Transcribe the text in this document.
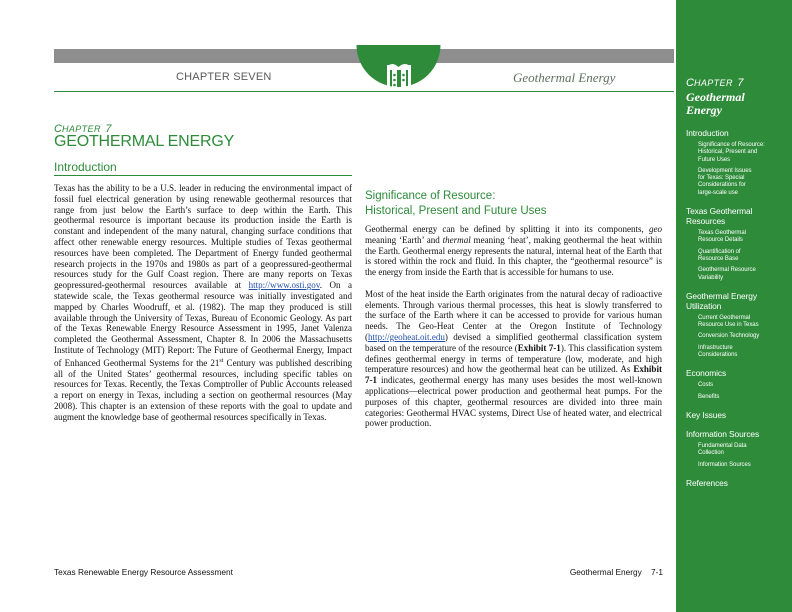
CHAPTER SEVEN	Geothermal Energy
CHAPTER 7
GEOTHERMAL ENERGY
Introduction

Texas has the ability to be a U.S. leader in reducing the environmental impact of fossil fuel electrical generation by using renewable geothermal resources that range from just below the Earth’s surface to deep within the Earth. This geothermal resource is important because its production inside the Earth is constant and independent of the many natural, changing surface conditions that affect other renewable energy resources. Multiple studies of Texas geothermal resources have been completed. The Department of Energy funded geothermal research projects in the 1970s and 1980s as part of a geopressured-geothermal resources study for the Gulf Coast region. There are many reports on Texas geopressured-geothermal resources available at http://www.osti.gov. On a statewide scale, the Texas geothermal resource was initially investigated and mapped by Charles Woodruff, et al. (1982). The map they produced is still available through the University of Texas, Bureau of Economic Geology. As part of the Texas Renewable Energy Resource Assessment in 1995, Janet Valenza completed the Geothermal Assessment, Chapter 8. In 2006 the Massachusetts Institute of Technology (MIT) Report: The Future of Geothermal Energy, Impact of Enhanced Geothermal Systems for the 21st Century was published describing all of the United States’ geothermal resources, including specific tables on resources for Texas. Recently, the Texas Comptroller of Public Accounts released a report on energy in Texas, including a section on geothermal resources (May 2008). This chapter is an extension of these reports with the goal to update and augment the knowledge base of geothermal resources specifically in Texas.

Significance of Resource:
Historical, Present and Future Uses

Geothermal energy can be defined by splitting it into its components, geo meaning ‘Earth’ and thermal meaning ‘heat’, making geothermal the heat within the Earth. Geothermal energy represents the natural, internal heat of the Earth that is stored within the rock and fluid. In this chapter, the “geothermal resource” is the energy from inside the Earth that is accessible for humans to use.

Most of the heat inside the Earth originates from the natural decay of radioactive elements. Through various thermal processes, this heat is slowly transferred to the surface of the Earth where it can be accessed to provide for various human needs. The Geo-Heat Center at the Oregon Institute of Technology (http://geoheat.oit.edu) devised a simplified geothermal classification system based on the temperature of the resource (Exhibit 7-1). This classification system defines geothermal energy in terms of temperature (low, moderate, and high temperature resources) and how the geothermal heat can be utilized. As Exhibit 7-1 indicates, geothermal energy has many uses besides the most well-known applications—electrical power production and geothermal heat pumps. For the purposes of this chapter, geothermal resources are divided into three main categories: Geothermal HVAC systems, Direct Use of heated water, and electrical power production.

Texas Renewable Energy Resource Assessment	Geothermal Energy 7-1
CHAPTER 7
Geothermal
Energy
Introduction
Significance of Resource:
Historical, Present and
Future Uses
Development Issues
for Texas: Special
Considerations for
large-scale use
Texas Geothermal
Resources
Texas Geothermal
Resource Details
Quantification of
Resource Base
Geothermal Resource
Variability
Geothermal Energy
Utilization
Current Geothermal
Resource Use in Texas
Conversion Technology
Infrastructure
Considerations
Economics
Costs
Benefits
Key Issues
Information Sources
Fundamental Data
Collection
Information Sources
References
